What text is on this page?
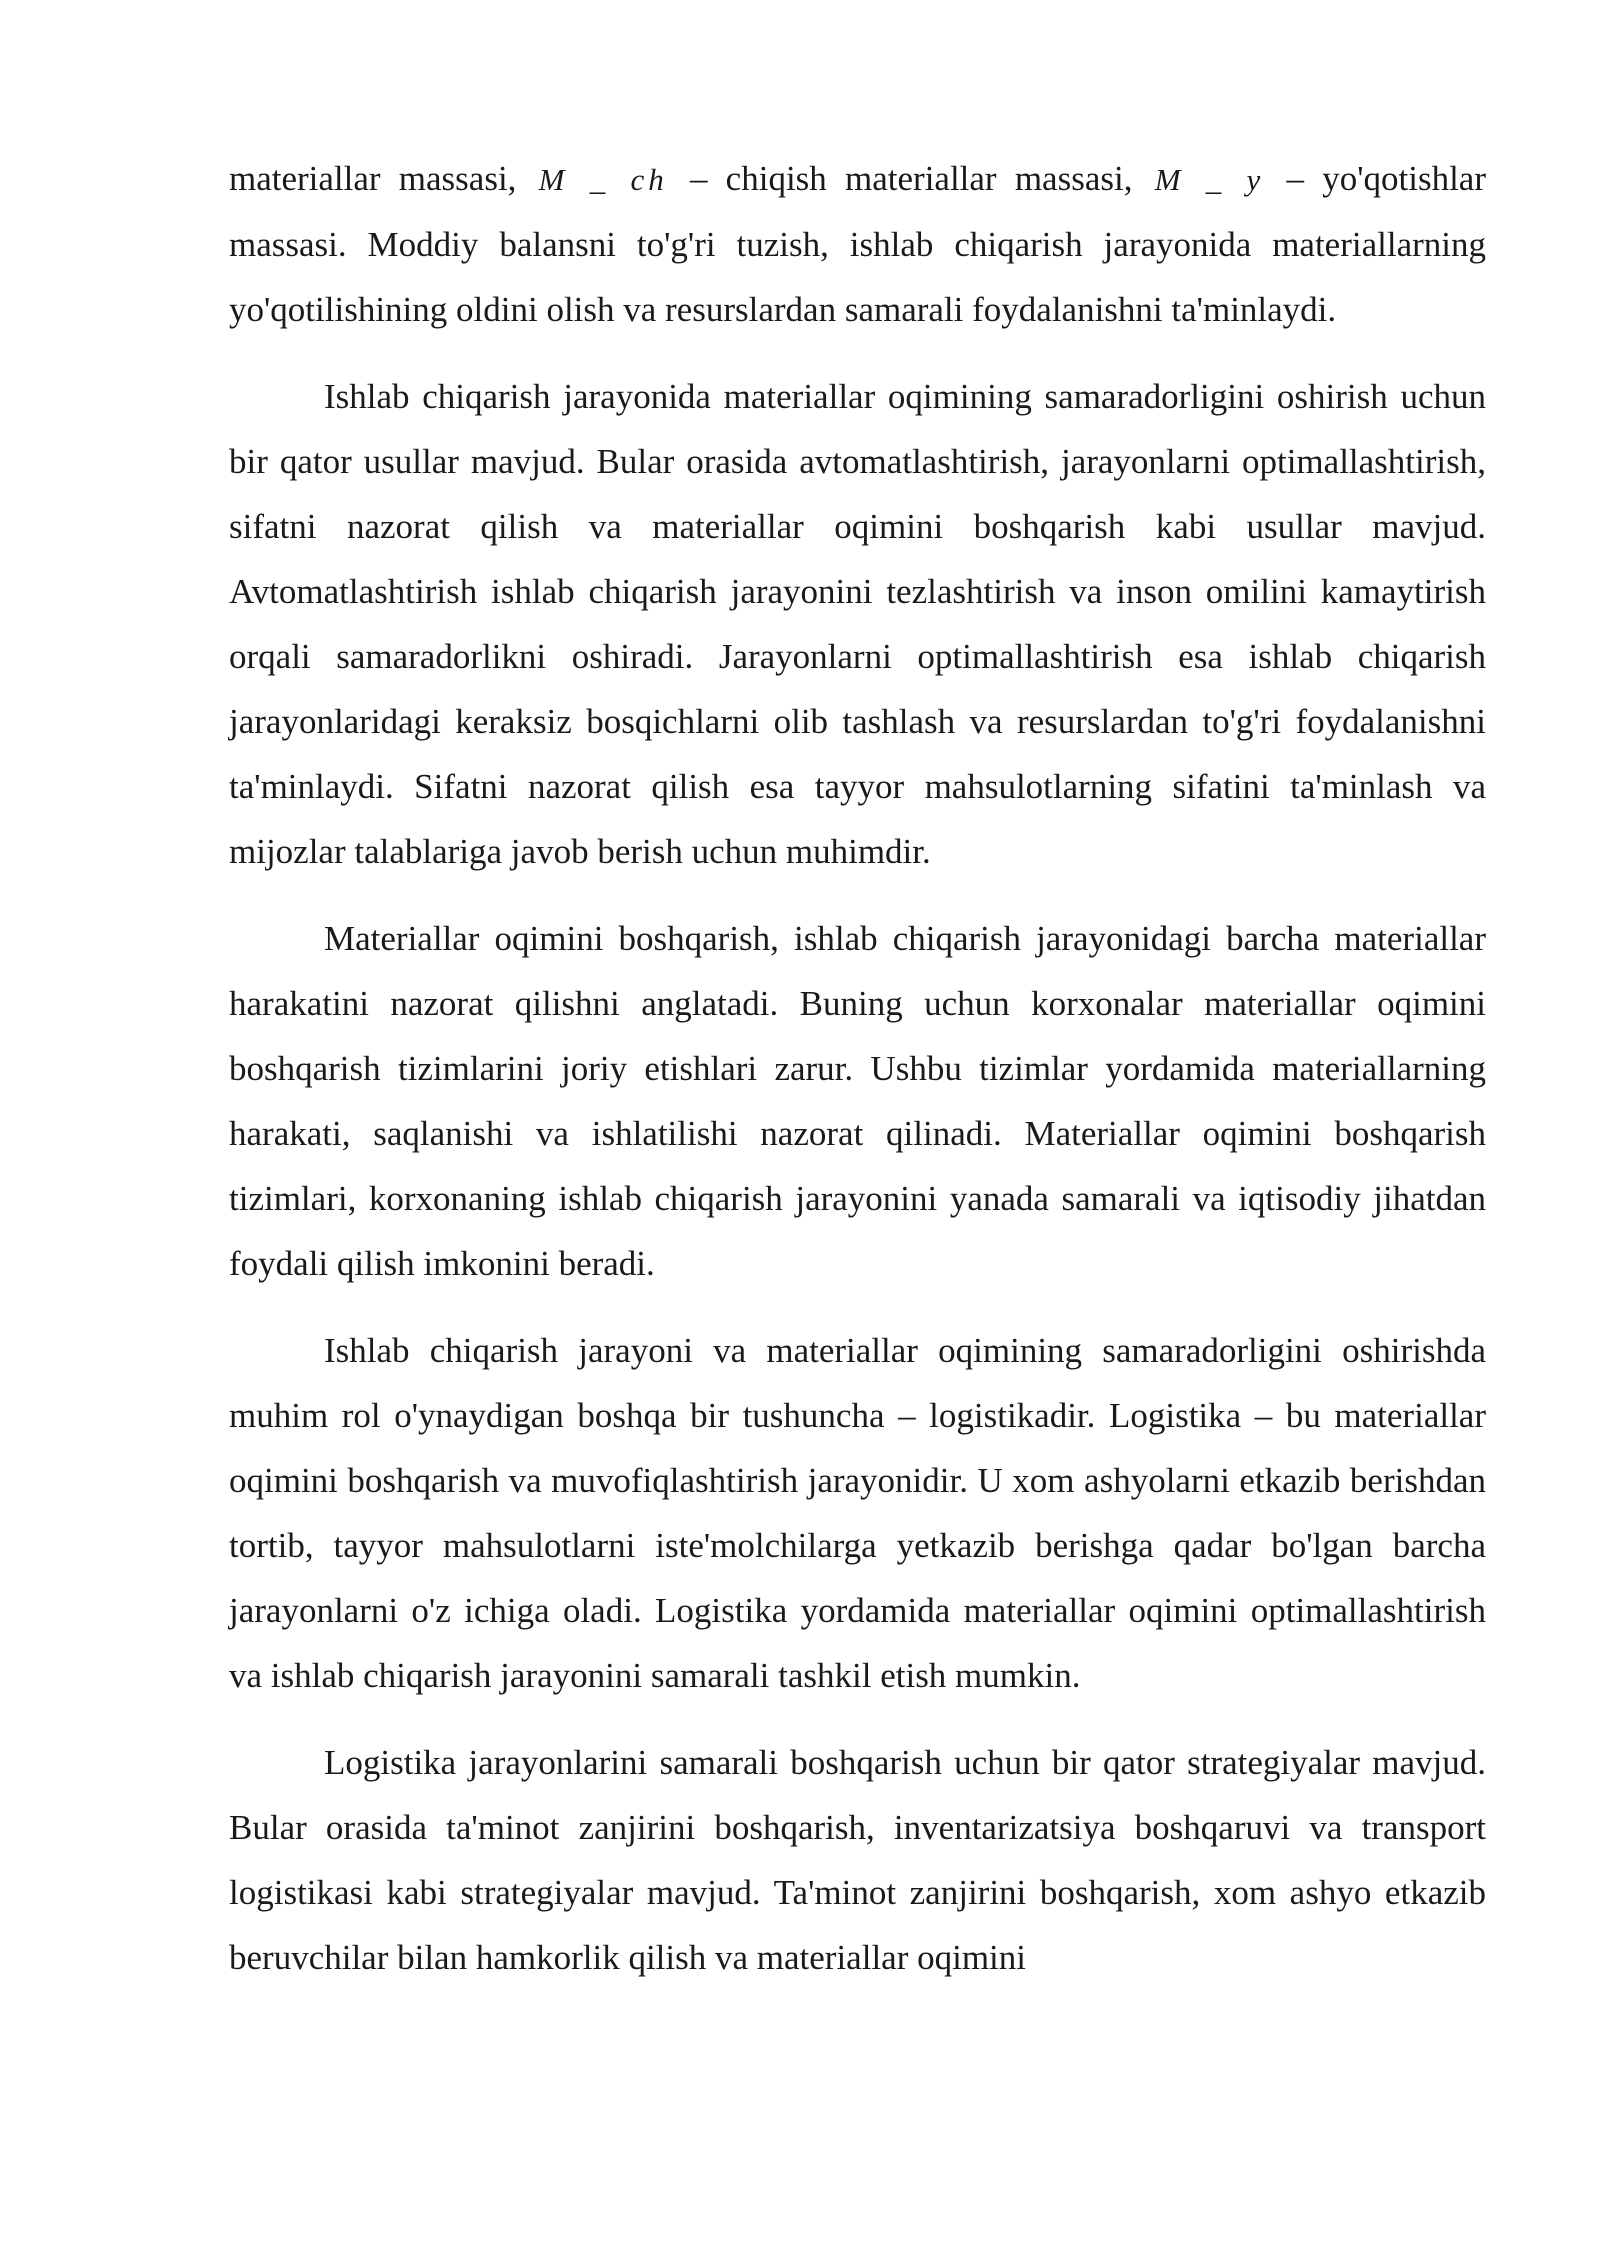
materiallar massasi, M _ ch – chiqish materiallar massasi, M _ y – yo'qotishlar massasi. Moddiy balansni to'g'ri tuzish, ishlab chiqarish jarayonida materiallarning yo'qotilishining oldini olish va resurslardan samarali foydalanishni ta'minlaydi.

Ishlab chiqarish jarayonida materiallar oqimining samaradorligini oshirish uchun bir qator usullar mavjud. Bular orasida avtomatlashtirish, jarayonlarni optimallashtirish, sifatni nazorat qilish va materiallar oqimini boshqarish kabi usullar mavjud. Avtomatlashtirish ishlab chiqarish jarayonini tezlashtirish va inson omilini kamaytirish orqali samaradorlikni oshiradi. Jarayonlarni optimallashtirish esa ishlab chiqarish jarayonlaridagi keraksiz bosqichlarni olib tashlash va resurslardan to'g'ri foydalanishni ta'minlaydi. Sifatni nazorat qilish esa tayyor mahsulotlarning sifatini ta'minlash va mijozlar talablariga javob berish uchun muhimdir.

Materiallar oqimini boshqarish, ishlab chiqarish jarayonidagi barcha materiallar harakatini nazorat qilishni anglatadi. Buning uchun korxonalar materiallar oqimini boshqarish tizimlarini joriy etishlari zarur. Ushbu tizimlar yordamida materiallarning harakati, saqlanishi va ishlatilishi nazorat qilinadi. Materiallar oqimini boshqarish tizimlari, korxonaning ishlab chiqarish jarayonini yanada samarali va iqtisodiy jihatdan foydali qilish imkonini beradi.

Ishlab chiqarish jarayoni va materiallar oqimining samaradorligini oshirishda muhim rol o'ynaydigan boshqa bir tushuncha – logistikadir. Logistika – bu materiallar oqimini boshqarish va muvofiqlashtirish jarayonidir. U xom ashyolarni etkazib berishdan tortib, tayyor mahsulotlarni iste'molchilarga yetkazib berishga qadar bo'lgan barcha jarayonlarni o'z ichiga oladi. Logistika yordamida materiallar oqimini optimallashtirish va ishlab chiqarish jarayonini samarali tashkil etish mumkin.

Logistika jarayonlarini samarali boshqarish uchun bir qator strategiyalar mavjud. Bular orasida ta'minot zanjirini boshqarish, inventarizatsiya boshqaruvi va transport logistikasi kabi strategiyalar mavjud. Ta'minot zanjirini boshqarish, xom ashyo etkazib beruvchilar bilan hamkorlik qilish va materiallar oqimini
